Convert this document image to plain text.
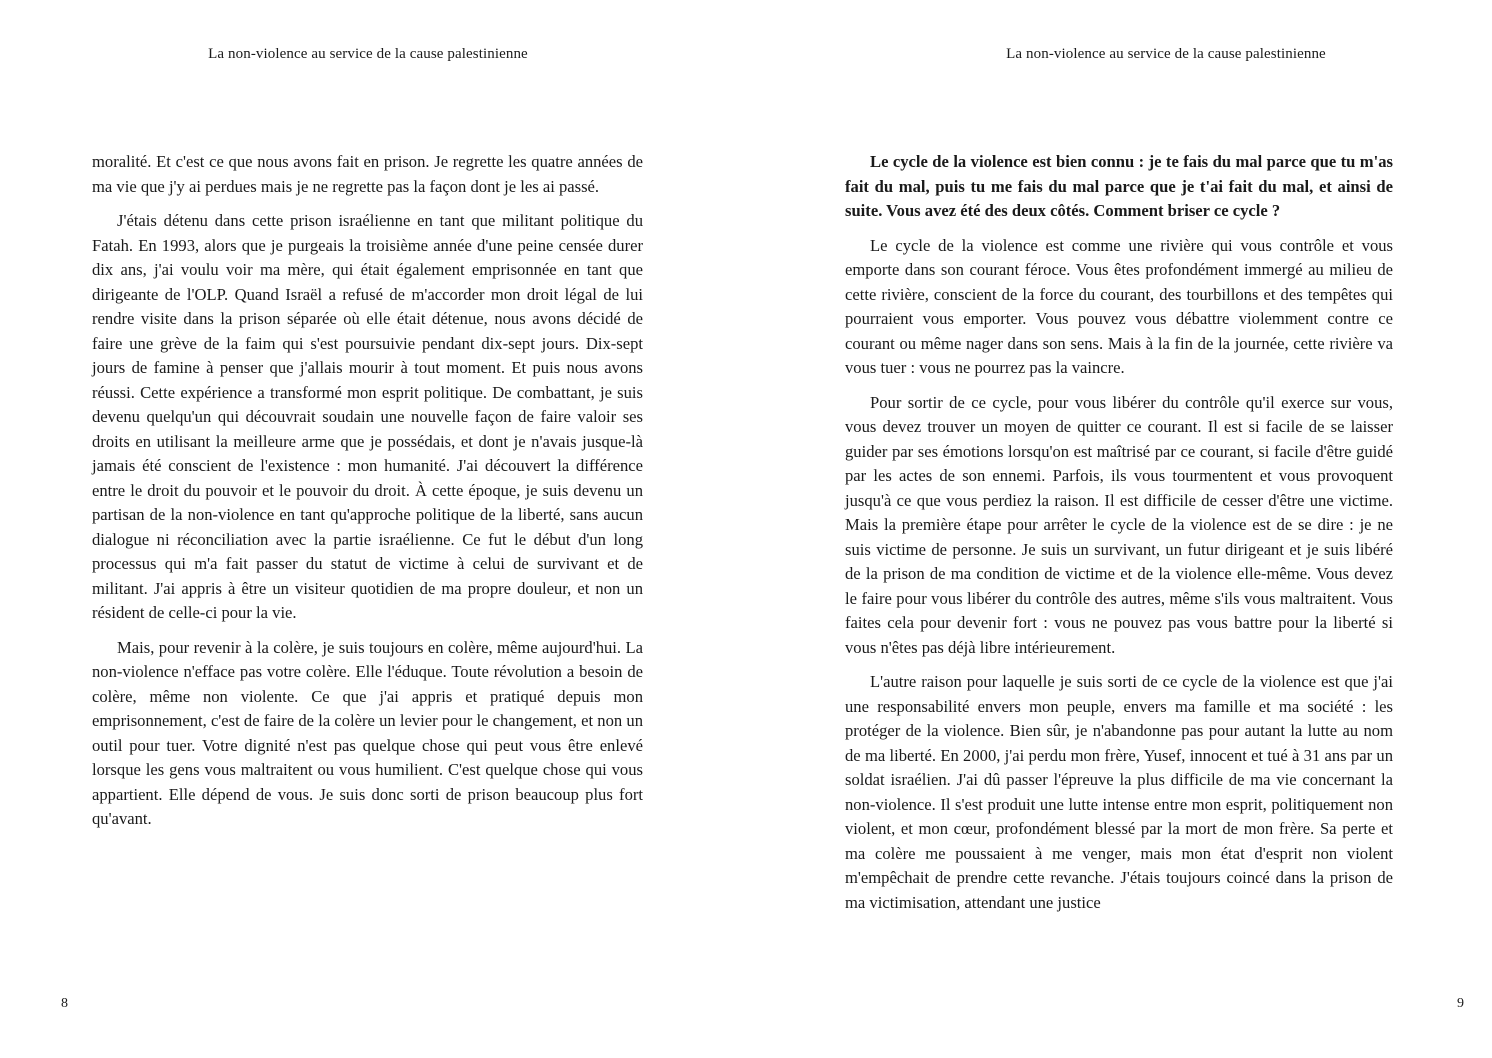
La non-violence au service de la cause palestinienne

moralité. Et c'est ce que nous avons fait en prison. Je regrette les quatre années de ma vie que j'y ai perdues mais je ne regrette pas la façon dont je les ai passé.

J'étais détenu dans cette prison israélienne en tant que militant politique du Fatah. En 1993, alors que je purgeais la troisième année d'une peine censée durer dix ans, j'ai voulu voir ma mère, qui était également emprisonnée en tant que dirigeante de l'OLP. Quand Israël a refusé de m'accorder mon droit légal de lui rendre visite dans la prison séparée où elle était détenue, nous avons décidé de faire une grève de la faim qui s'est poursuivie pendant dix-sept jours. Dix-sept jours de famine à penser que j'allais mourir à tout moment. Et puis nous avons réussi. Cette expérience a transformé mon esprit politique. De combattant, je suis devenu quelqu'un qui découvrait soudain une nouvelle façon de faire valoir ses droits en utilisant la meilleure arme que je possédais, et dont je n'avais jusque-là jamais été conscient de l'existence : mon humanité. J'ai découvert la différence entre le droit du pouvoir et le pouvoir du droit. À cette époque, je suis devenu un partisan de la non-violence en tant qu'approche politique de la liberté, sans aucun dialogue ni réconciliation avec la partie israélienne. Ce fut le début d'un long processus qui m'a fait passer du statut de victime à celui de survivant et de militant. J'ai appris à être un visiteur quotidien de ma propre douleur, et non un résident de celle-ci pour la vie.

Mais, pour revenir à la colère, je suis toujours en colère, même aujourd'hui. La non-violence n'efface pas votre colère. Elle l'éduque. Toute révolution a besoin de colère, même non violente. Ce que j'ai appris et pratiqué depuis mon emprisonnement, c'est de faire de la colère un levier pour le changement, et non un outil pour tuer. Votre dignité n'est pas quelque chose qui peut vous être enlevé lorsque les gens vous maltraitent ou vous humilient. C'est quelque chose qui vous appartient. Elle dépend de vous. Je suis donc sorti de prison beaucoup plus fort qu'avant.

8
La non-violence au service de la cause palestinienne

Le cycle de la violence est bien connu : je te fais du mal parce que tu m'as fait du mal, puis tu me fais du mal parce que je t'ai fait du mal, et ainsi de suite. Vous avez été des deux côtés. Comment briser ce cycle ?

Le cycle de la violence est comme une rivière qui vous contrôle et vous emporte dans son courant féroce. Vous êtes profondément immergé au milieu de cette rivière, conscient de la force du courant, des tourbillons et des tempêtes qui pourraient vous emporter. Vous pouvez vous débattre violemment contre ce courant ou même nager dans son sens. Mais à la fin de la journée, cette rivière va vous tuer : vous ne pourrez pas la vaincre.

Pour sortir de ce cycle, pour vous libérer du contrôle qu'il exerce sur vous, vous devez trouver un moyen de quitter ce courant. Il est si facile de se laisser guider par ses émotions lorsqu'on est maîtrisé par ce courant, si facile d'être guidé par les actes de son ennemi. Parfois, ils vous tourmentent et vous provoquent jusqu'à ce que vous perdiez la raison. Il est difficile de cesser d'être une victime. Mais la première étape pour arrêter le cycle de la violence est de se dire : je ne suis victime de personne. Je suis un survivant, un futur dirigeant et je suis libéré de la prison de ma condition de victime et de la violence elle-même. Vous devez le faire pour vous libérer du contrôle des autres, même s'ils vous maltraitent. Vous faites cela pour devenir fort : vous ne pouvez pas vous battre pour la liberté si vous n'êtes pas déjà libre intérieurement.

L'autre raison pour laquelle je suis sorti de ce cycle de la violence est que j'ai une responsabilité envers mon peuple, envers ma famille et ma société : les protéger de la violence. Bien sûr, je n'abandonne pas pour autant la lutte au nom de ma liberté. En 2000, j'ai perdu mon frère, Yusef, innocent et tué à 31 ans par un soldat israélien. J'ai dû passer l'épreuve la plus difficile de ma vie concernant la non-violence. Il s'est produit une lutte intense entre mon esprit, politiquement non violent, et mon cœur, profondément blessé par la mort de mon frère. Sa perte et ma colère me poussaient à me venger, mais mon état d'esprit non violent m'empêchait de prendre cette revanche. J'étais toujours coincé dans la prison de ma victimisation, attendant une justice

9
